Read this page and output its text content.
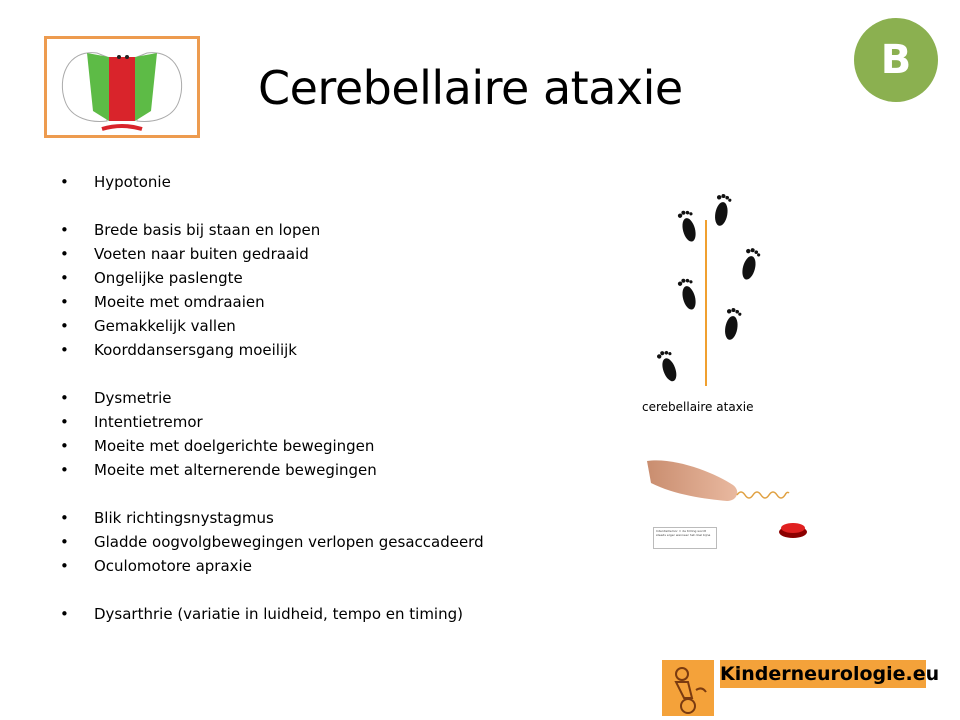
Cerebellaire ataxie
B
• Hypotonie
• Brede basis bij staan en lopen
• Voeten naar buiten gedraaid
• Ongelijke paslengte
• Moeite met omdraaien
• Gemakkelijk vallen
• Koorddansersgang moeilijk
• Dysmetrie
• Intentietremor
• Moeite met doelgerichte bewegingen
• Moeite met alternerende bewegingen
• Blik richtingsnystagmus
• Gladde oogvolgbewegingen verlopen gesaccadeerd
• Oculomotore apraxie
• Dysarthrie (variatie in luidheid, tempo en timing)
cerebellaire ataxie
Intentietremor = de trilling wordt steeds erger wanneer het doel bijna
Kinderneurologie.eu
